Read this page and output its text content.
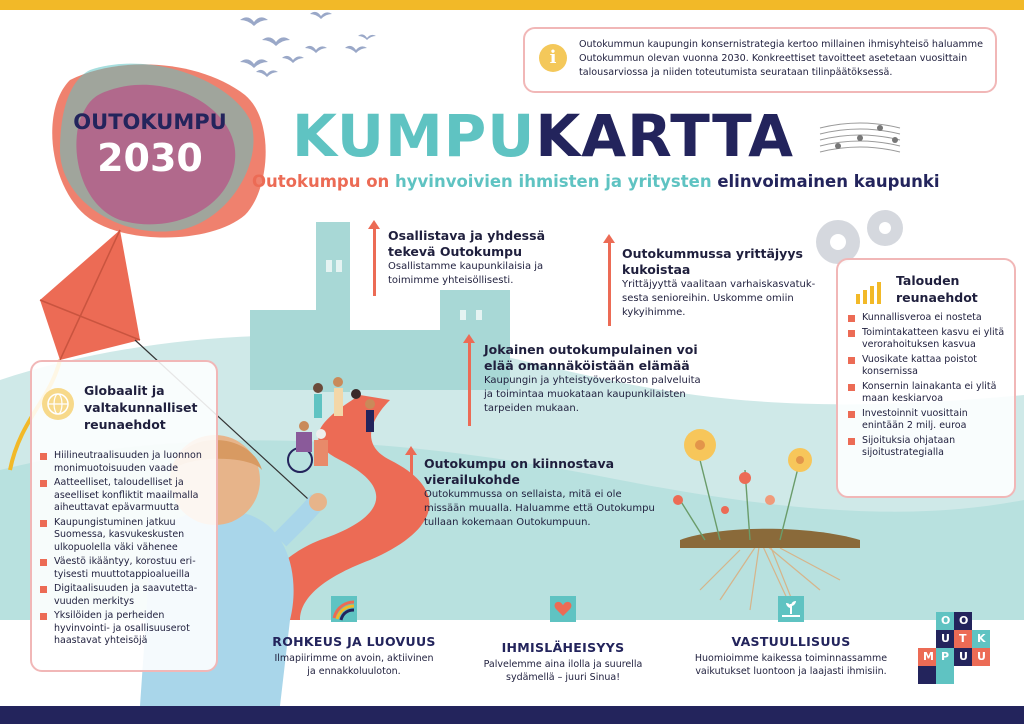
i
Outokummun kaupungin konsernistrategia kertoo millainen ihmisyhteisö haluamme Outokummun olevan vuonna 2030. Konkreettiset tavoitteet asetetaan vuosittain talousarviossa ja niiden toteutumista seurataan tilinpäätöksessä.
OUTOKUMPU
2030	KUMPUKARTTA
Outokumpu on hyvinvoivien ihmisten ja yritysten elinvoimainen kaupunki
Osallistava ja yhdessä tekevä Outokumpu
Osallistamme kaupunkilaisia ja toimimme yhteisöllisesti.
Outokummussa yrittäjyys kukoistaa
Yrittäjyyttä vaalitaan varhaiskasvatuk-sesta senioreihin. Uskomme omiin kykyihimme.
Jokainen outokumpulainen voi elää omannäköistään elämää
Kaupungin ja yhteistyöverkoston palveluita ja toimintaa muokataan kaupunkilaisten tarpeiden mukaan.
Outokumpu on kiinnostava vierailukohde
Outokummussa on sellaista, mitä ei ole missään muualla. Haluamme että Outokumpu tullaan kokemaan Outokumpuun.
Globaalit ja valtakunnalliset reunaehdot
Hiilineutraalisuuden ja luonnon monimuotoisuuden vaade
Aatteelliset, taloudelliset ja aseelliset konfliktit maailmalla aiheuttavat epävarmuutta
Kaupungistuminen jatkuu Suomessa, kasvukeskusten ulkopuolella väki vähenee
Väestö ikääntyy, korostuu eri-tyisesti muuttotappioalueilla
Digitaalisuuden ja saavutetta-vuuden merkitys
Yksilöiden ja perheiden hyvinvointi- ja osallisuuserot haastavat yhteisöjä
Talouden reunaehdot
Kunnallisveroa ei nosteta
Toimintakatteen kasvu ei ylitä verorahoituksen kasvua
Vuosikate kattaa poistot konsernissa
Konsernin lainakanta ei ylitä maan keskiarvoa
Investoinnit vuosittain enintään 2 milj. euroa
Sijoituksia ohjataan sijoitustrategialla
ROHKEUS JA LUOVUUS
Ilmapiirimme on avoin, aktiivinen ja ennakkoluuloton.
IHMISLÄHEISYYS
Palvelemme aina ilolla ja suurella sydämellä – juuri Sinua!
VASTUULLISUUS
Huomioimme kaikessa toiminnassamme vaikutukset luontoon ja laajasti ihmisiin.
O
U T
O
K
U
M P U
